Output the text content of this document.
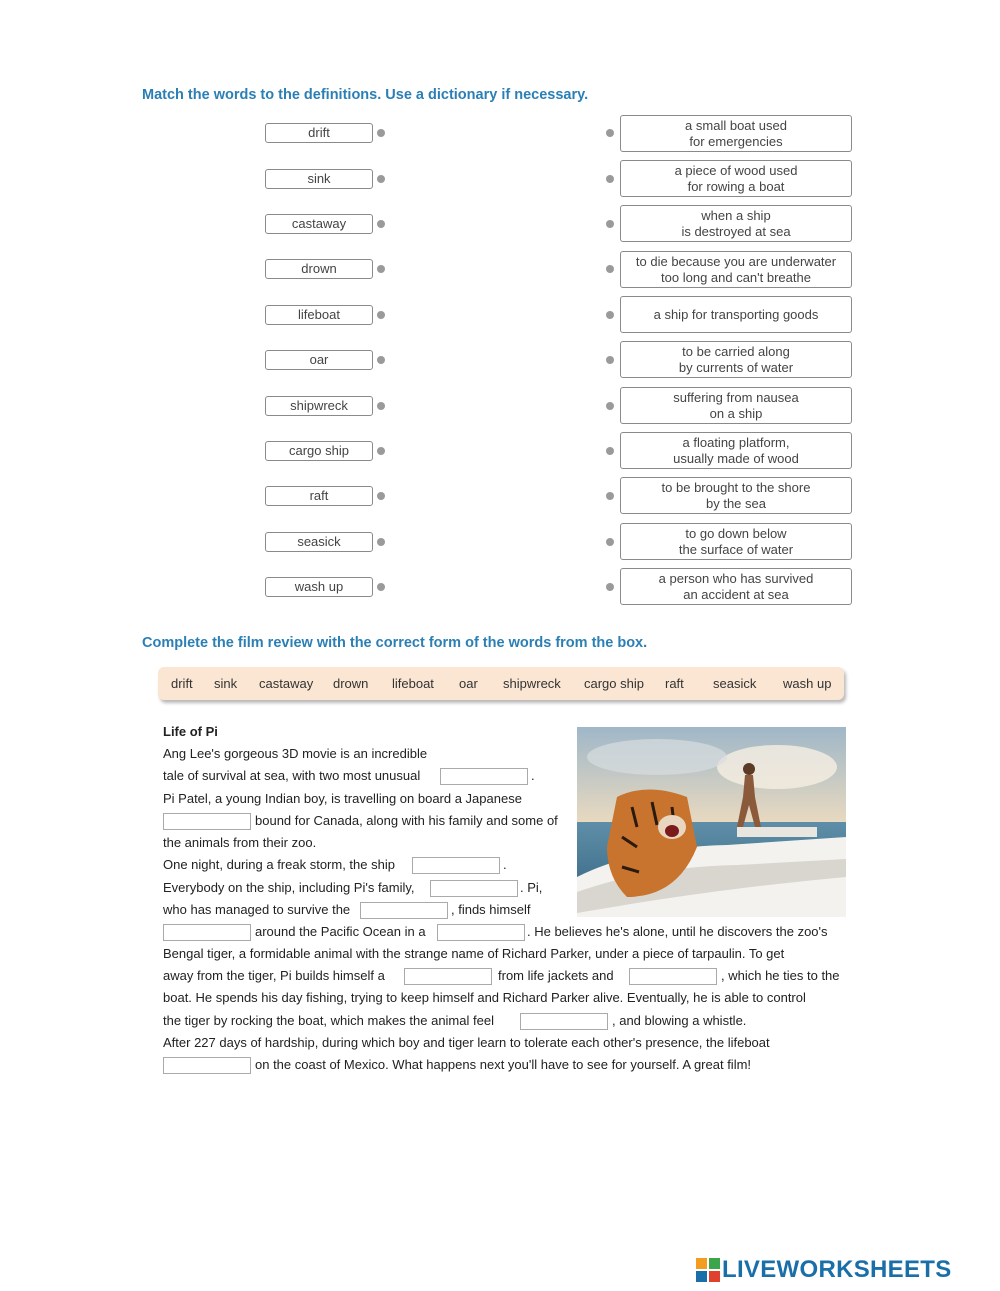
Match the words to the definitions. Use a dictionary if necessary.
drift
sink
castaway
drown
lifeboat
oar
shipwreck
cargo ship
raft
seasick
wash up
a small boat used
for emergencies
a piece of wood used
for rowing a boat
when a ship
is destroyed at sea
to die because you are underwater
too long and can't breathe
a ship for transporting goods
to be carried along
by currents of water
suffering from nausea
on a ship
a floating platform,
usually made of wood
to be brought to the shore
by the sea
to go down below
the surface of water
a person who has survived
an accident at sea
Complete the film review with the correct form of the words from the box.
drift sink castaway drown lifeboat oar shipwreck cargo ship raft seasick wash up
Life of Pi
Ang Lee's gorgeous 3D movie is an incredible
tale of survival at sea, with two most unusual	.
Pi Patel, a young Indian boy, is travelling on board a Japanese
bound for Canada, along with his family and some of
the animals from their zoo.
One night, during a freak storm, the ship	.
Everybody on the ship, including Pi's family,	. Pi,
who has managed to survive the	, finds himself
around the Pacific Ocean in a	. He believes he's alone, until he discovers the zoo's
Bengal tiger, a formidable animal with the strange name of Richard Parker, under a piece of tarpaulin. To get
away from the tiger, Pi builds himself a	from life jackets and	, which he ties to the
boat. He spends his day fishing, trying to keep himself and Richard Parker alive. Eventually, he is able to control
the tiger by rocking the boat, which makes the animal feel	, and blowing a whistle.
After 227 days of hardship, during which boy and tiger learn to tolerate each other's presence, the lifeboat
on the coast of Mexico. What happens next you'll have to see for yourself. A great film!
LIVEWORKSHEETS
